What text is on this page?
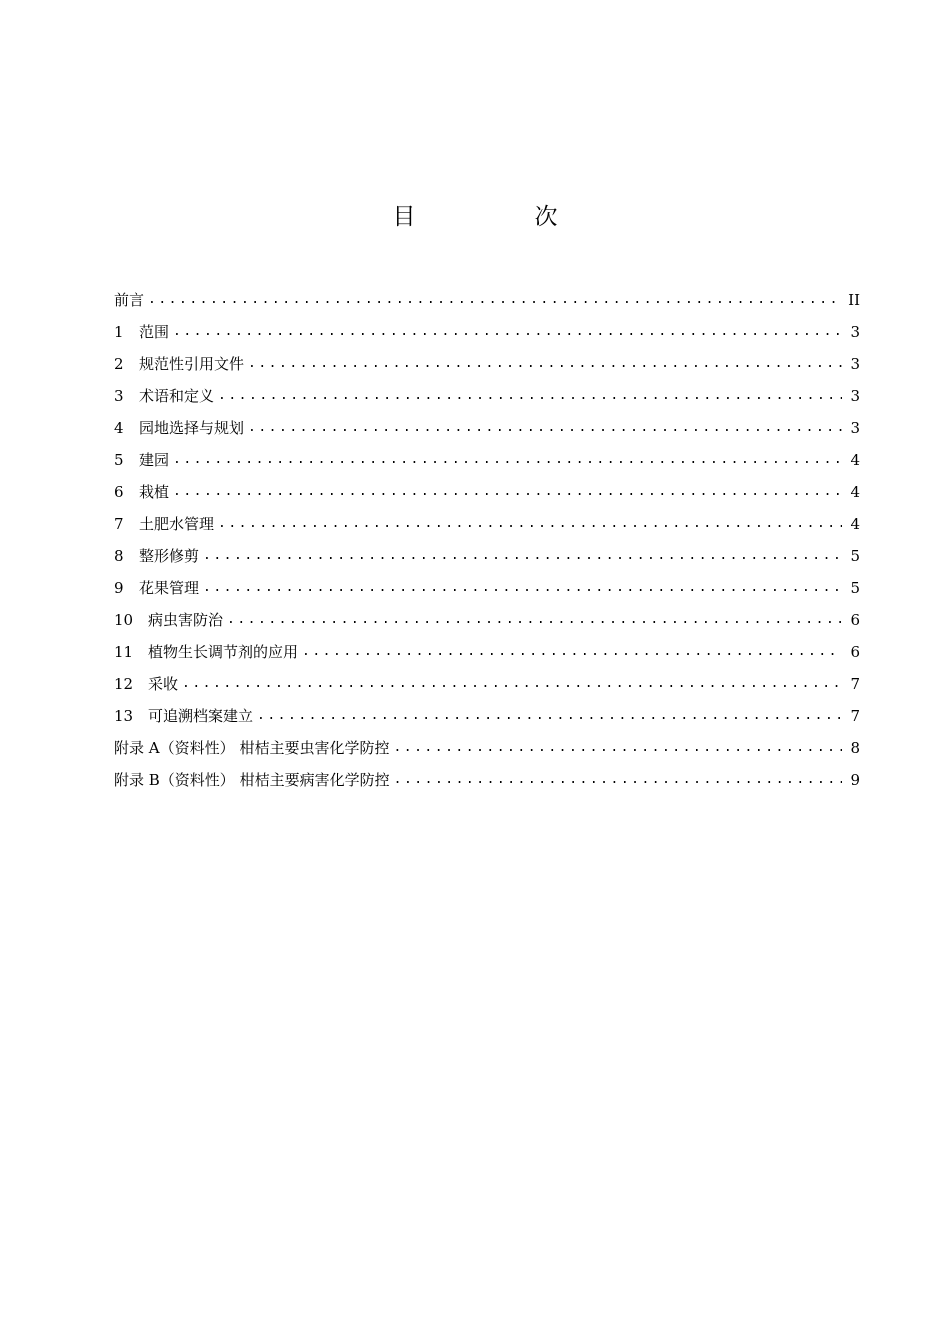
目　次
前言 .....	II
1	范围 .....	3
2	规范性引用文件 .....	3
3	术语和定义 .....	3
4	园地选择与规划 .....	3
5	建园 .....	4
6	栽植 .....	4
7	土肥水管理 .....	4
8	整形修剪 .....	5
9	花果管理 .....	5
10 病虫害防治 .....	6
11 植物生长调节剂的应用 .....	6
12 采收 .....	7
13 可追溯档案建立 .....	7
附录 A（资料性） 柑桔主要虫害化学防控 .....	8
附录 B（资料性） 柑桔主要病害化学防控 .....	9
